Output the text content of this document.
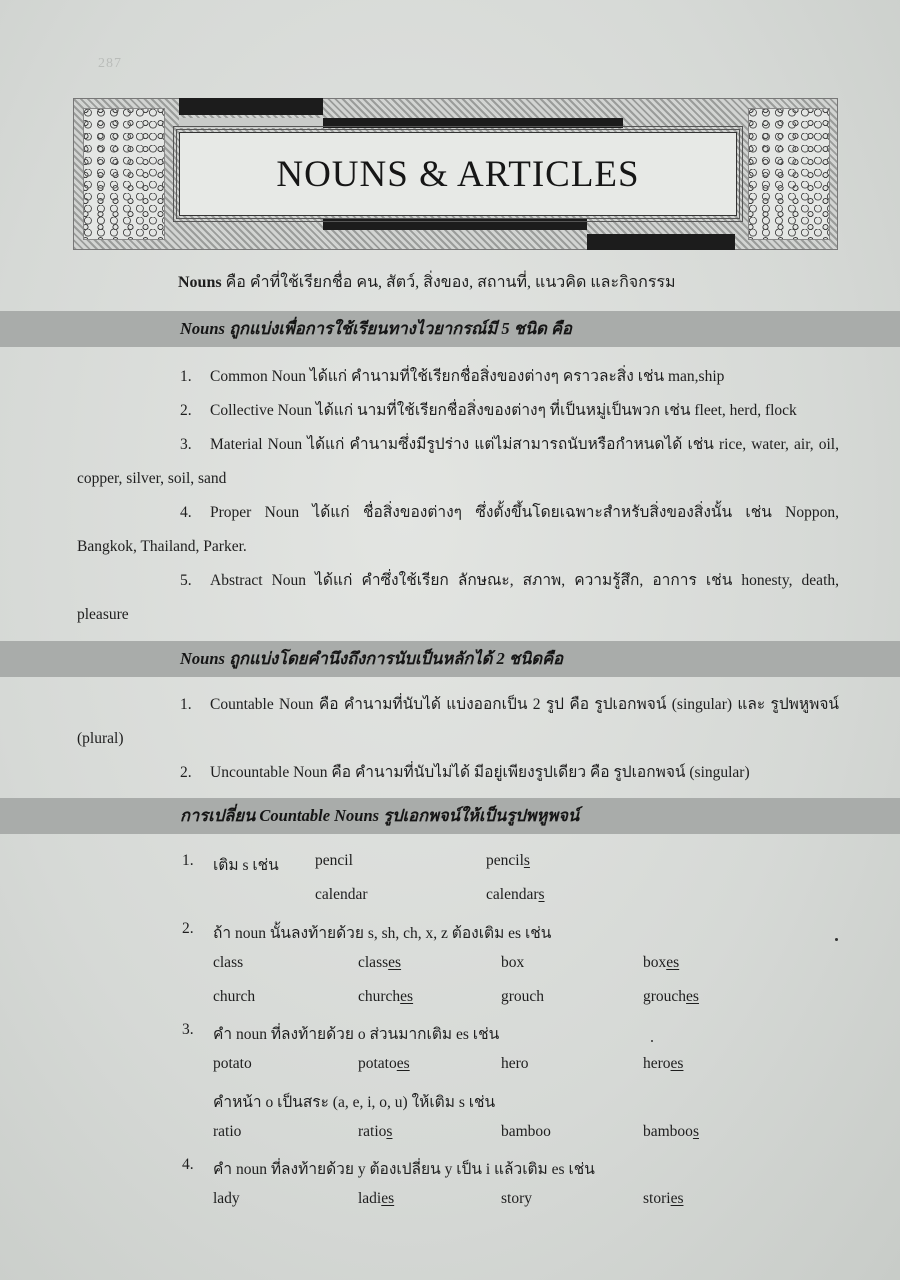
287
NOUNS & ARTICLES
Nouns คือ คำที่ใช้เรียกชื่อ คน, สัตว์, สิ่งของ, สถานที่, แนวคิด และกิจกรรม
Nouns ถูกแบ่งเพื่อการใช้เรียนทางไวยากรณ์มี 5 ชนิด คือ
1. Common Noun ได้แก่ คำนามที่ใช้เรียกชื่อสิ่งของต่างๆ คราวละสิ่ง เช่น man,ship
2. Collective Noun ได้แก่ นามที่ใช้เรียกชื่อสิ่งของต่างๆ ที่เป็นหมู่เป็นพวก เช่น fleet, herd, flock
3. Material Noun ได้แก่ คำนามซึ่งมีรูปร่าง แต่ไม่สามารถนับหรือกำหนดได้ เช่น rice, water, air, oil, copper, silver, soil, sand
4. Proper Noun ได้แก่ ชื่อสิ่งของต่างๆ ซึ่งตั้งขึ้นโดยเฉพาะสำหรับสิ่งของสิ่งนั้น เช่น Noppon, Bangkok, Thailand, Parker.
5. Abstract Noun ได้แก่ คำซึ่งใช้เรียก ลักษณะ, สภาพ, ความรู้สึก, อาการ เช่น honesty, death, pleasure
Nouns ถูกแบ่งโดยคำนึงถึงการนับเป็นหลักได้ 2 ชนิดคือ
1. Countable Noun คือ คำนามที่นับได้ แบ่งออกเป็น 2 รูป คือ รูปเอกพจน์ (singular) และ รูปพหูพจน์ (plural)
2. Uncountable Noun คือ คำนามที่นับไม่ได้ มีอยู่เพียงรูปเดียว คือ รูปเอกพจน์ (singular)
การเปลี่ยน Countable Nouns รูปเอกพจน์ให้เป็นรูปพหูพจน์
1. เติม s เช่น pencil	pencils
calendar	calendars
2. ถ้า noun นั้นลงท้ายด้วย s, sh, ch, x, z ต้องเติม es เช่น
class	classes	box	boxes
church	churches	grouch	grouches
3. คำ noun ที่ลงท้ายด้วย o ส่วนมากเติม es เช่น
potato	potatoes	hero	heroes
คำหน้า o เป็นสระ (a, e, i, o, u) ให้เติม s เช่น
ratio	ratios	bamboo	bamboos
4. คำ noun ที่ลงท้ายด้วย y ต้องเปลี่ยน y เป็น i แล้วเติม es เช่น
lady	ladies	story	stories
